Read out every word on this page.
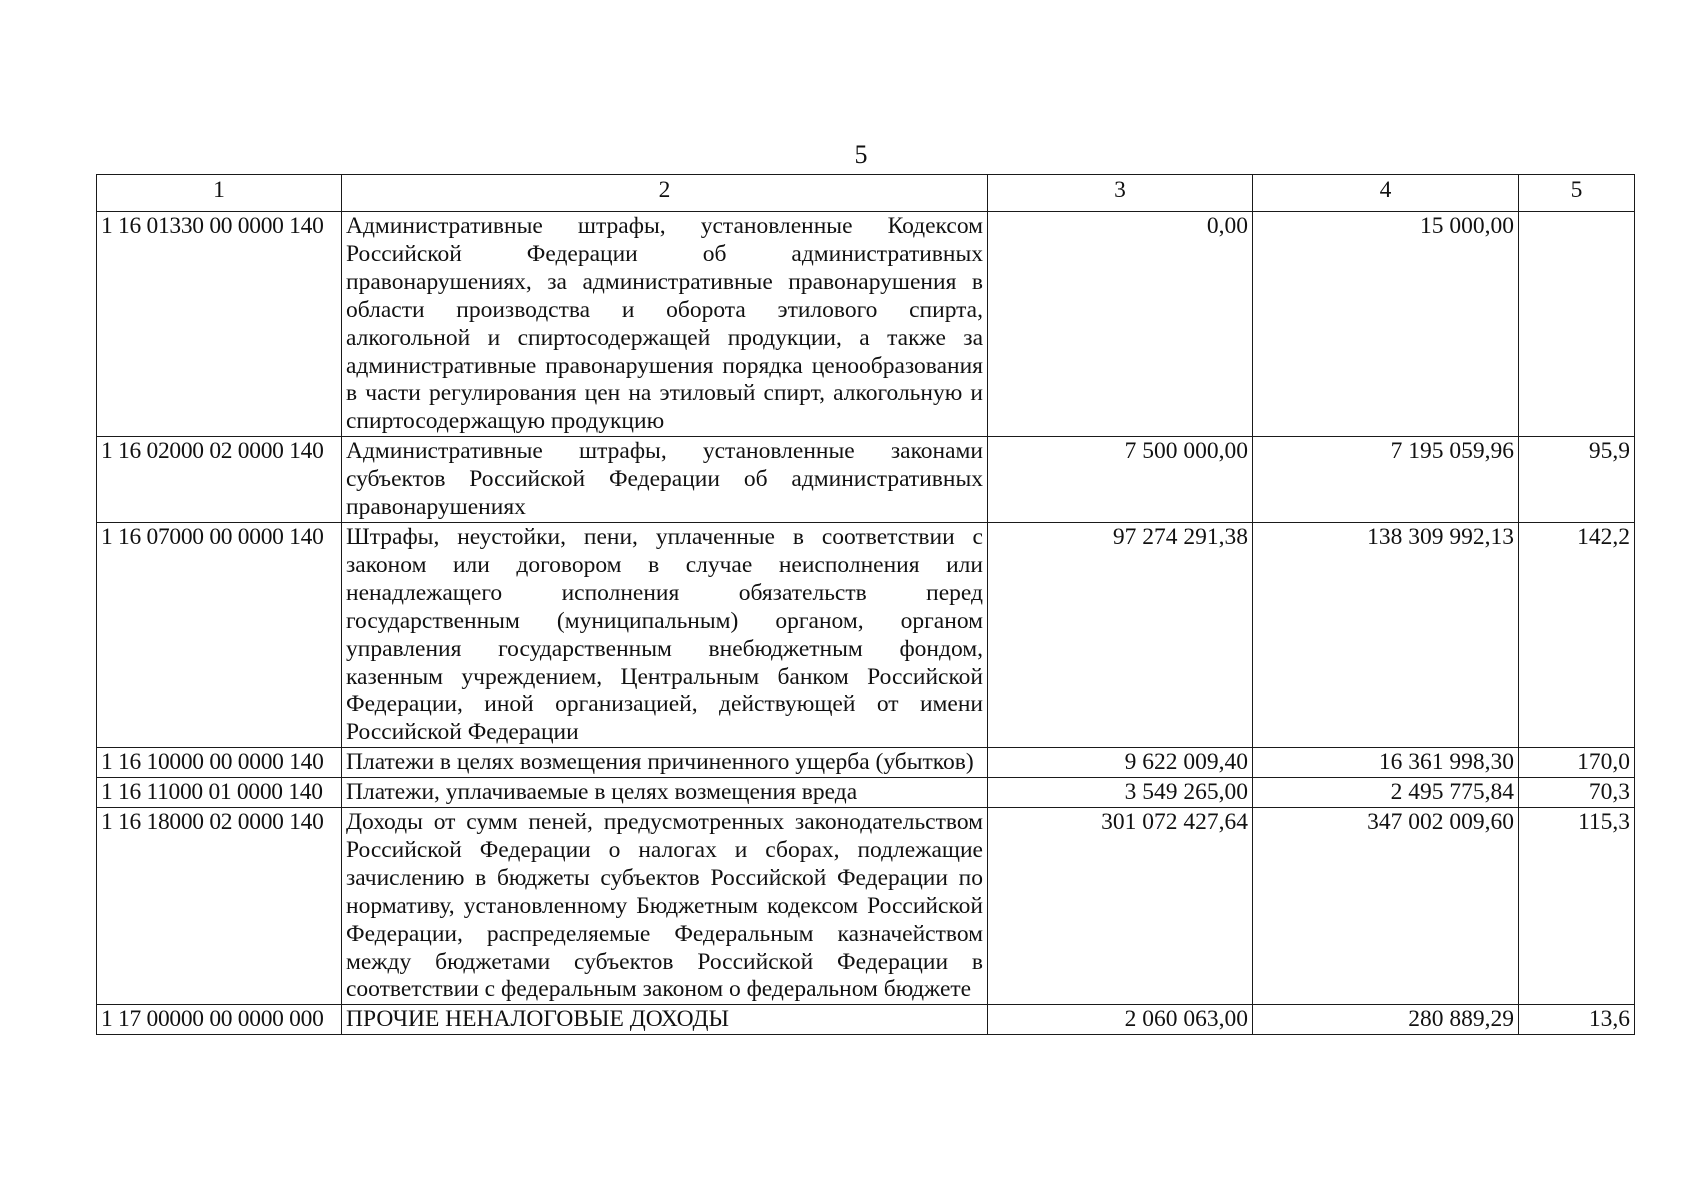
5
1	2	3	4	5
1 16 01330 00 0000 140	Административные штрафы, установленные Кодексом Российской Федерации об административных правонарушениях, за административные правонарушения в области производства и оборота этилового спирта, алкогольной и спиртосодержащей продукции, а также за административные правонарушения порядка ценообразования в части регулирования цен на этиловый спирт, алкогольную и спиртосодержащую продукцию	0,00	15 000,00	
1 16 02000 02 0000 140	Административные штрафы, установленные законами субъектов Российской Федерации об административных правонарушениях	7 500 000,00	7 195 059,96	95,9
1 16 07000 00 0000 140	Штрафы, неустойки, пени, уплаченные в соответствии с законом или договором в случае неисполнения или ненадлежащего исполнения обязательств перед государственным (муниципальным) органом, органом управления государственным внебюджетным фондом, казенным учреждением, Центральным банком Российской Федерации, иной организацией, действующей от имени Российской Федерации	97 274 291,38	138 309 992,13	142,2
1 16 10000 00 0000 140	Платежи в целях возмещения причиненного ущерба (убытков)	9 622 009,40	16 361 998,30	170,0
1 16 11000 01 0000 140	Платежи, уплачиваемые в целях возмещения вреда	3 549 265,00	2 495 775,84	70,3
1 16 18000 02 0000 140	Доходы от сумм пеней, предусмотренных законодательством Российской Федерации о налогах и сборах, подлежащие зачислению в бюджеты субъектов Российской Федерации по нормативу, установленному Бюджетным кодексом Российской Федерации, распределяемые Федеральным казначейством между бюджетами субъектов Российской Федерации в соответствии с федеральным законом о федеральном бюджете	301 072 427,64	347 002 009,60	115,3
1 17 00000 00 0000 000	ПРОЧИЕ НЕНАЛОГОВЫЕ ДОХОДЫ	2 060 063,00	280 889,29	13,6
